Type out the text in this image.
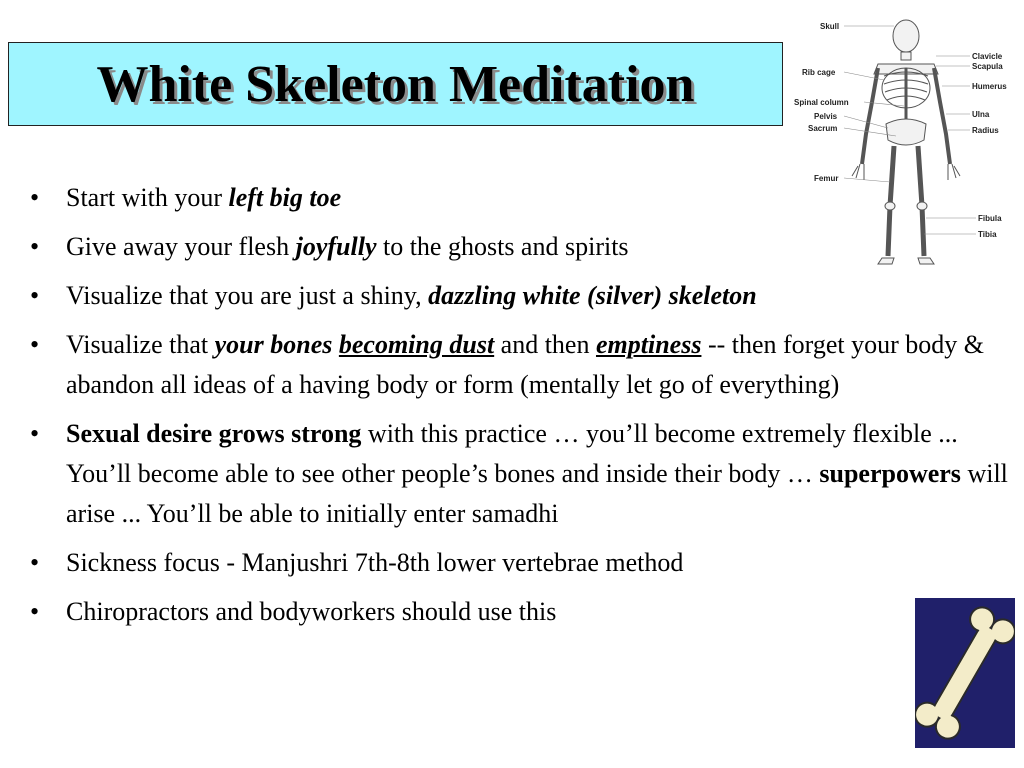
White Skeleton Meditation
Skull
Rib cage
Spinal column
Pelvis
Sacrum
Femur
Clavicle
Scapula
Humerus
Ulna
Radius
Fibula
Tibia
• Start with your left big toe
• Give away your flesh joyfully to the ghosts and spirits
• Visualize that you are just a shiny, dazzling white (silver) skeleton
• Visualize that your bones becoming dust and then emptiness -- then forget your body & abandon all ideas of a having body or form (mentally let go of everything)
• Sexual desire grows strong with this practice … you’ll become extremely flexible ... You’ll become able to see other people’s bones and inside their body … superpowers will arise ... You’ll be able to initially enter samadhi
• Sickness focus - Manjushri 7th-8th lower vertebrae method
• Chiropractors and bodyworkers should use this
